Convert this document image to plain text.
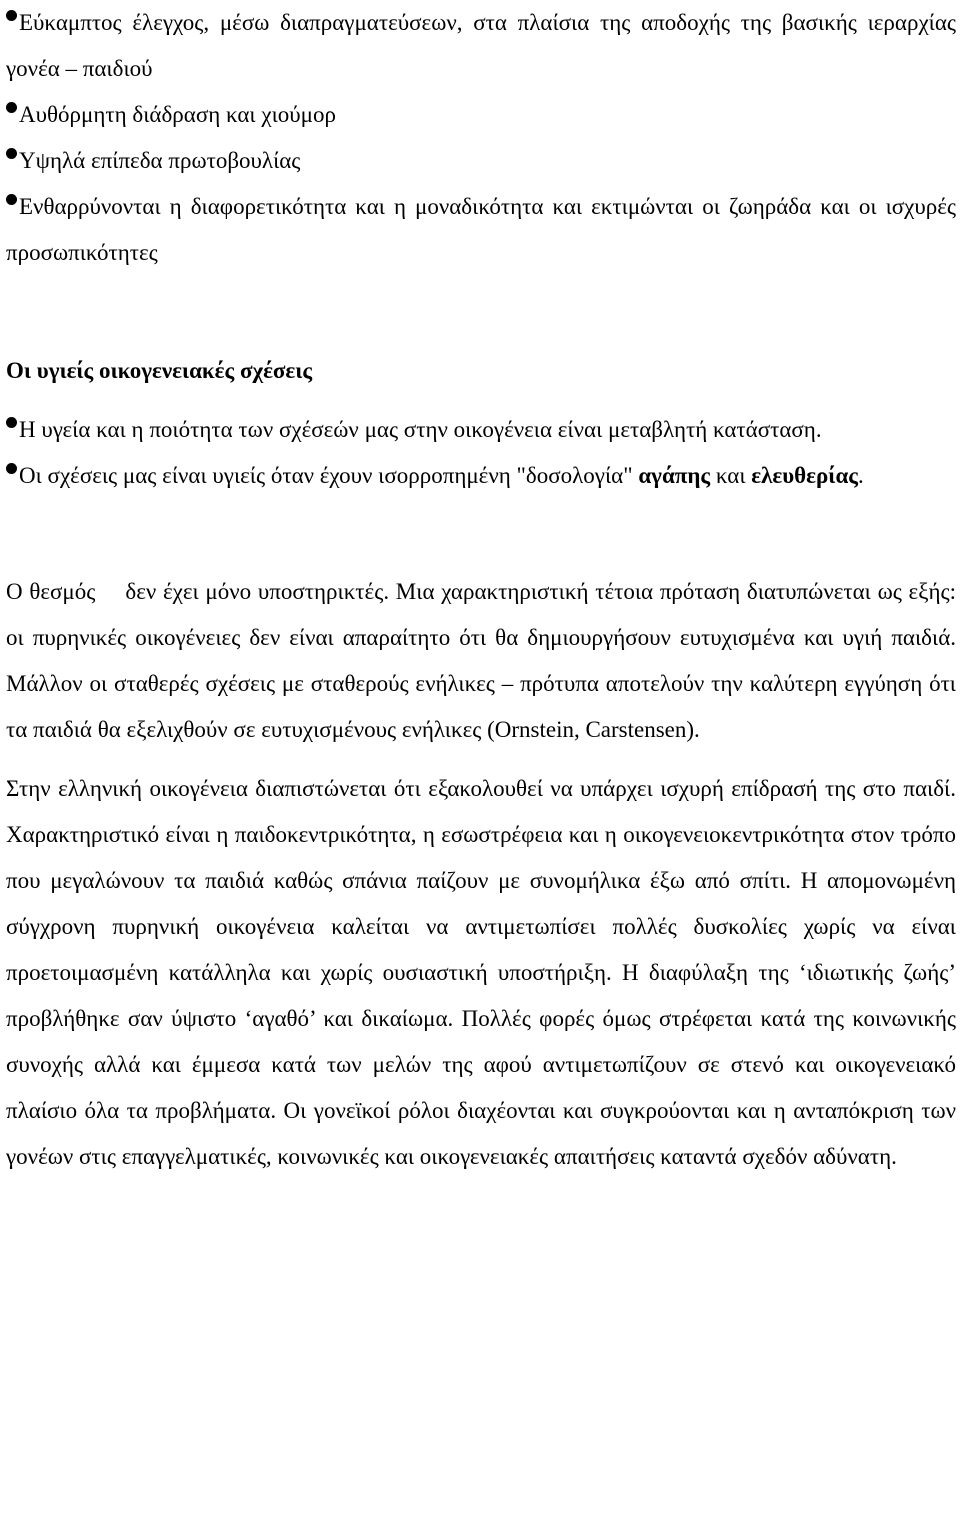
Εύκαμπτος έλεγχος, μέσω διαπραγματεύσεων, στα πλαίσια της αποδοχής της βασικής ιεραρχίας γονέα – παιδιού

Αυθόρμητη διάδραση και χιούμορ

Υψηλά επίπεδα πρωτοβουλίας

Ενθαρρύνονται η διαφορετικότητα και η μοναδικότητα και εκτιμώνται οι ζωηράδα και οι ισχυρές προσωπικότητες

Οι υγιείς οικογενειακές σχέσεις

Η υγεία και η ποιότητα των σχέσεών μας στην οικογένεια είναι μεταβλητή κατάσταση.

Οι σχέσεις μας είναι υγιείς όταν έχουν ισορροπημένη "δοσολογία" αγάπης και ελευθερίας.

Ο θεσμός δεν έχει μόνο υποστηρικτές. Μια χαρακτηριστική τέτοια πρόταση διατυπώνεται ως εξής: οι πυρηνικές οικογένειες δεν είναι απαραίτητο ότι θα δημιουργήσουν ευτυχισμένα και υγιή παιδιά. Μάλλον οι σταθερές σχέσεις με σταθερούς ενήλικες – πρότυπα αποτελούν την καλύτερη εγγύηση ότι τα παιδιά θα εξελιχθούν σε ευτυχισμένους ενήλικες (Ornstein, Carstensen).

Στην ελληνική οικογένεια διαπιστώνεται ότι εξακολουθεί να υπάρχει ισχυρή επίδρασή της στο παιδί. Χαρακτηριστικό είναι η παιδοκεντρικότητα, η εσωστρέφεια και η οικογενειοκεντρικότητα στον τρόπο που μεγαλώνουν τα παιδιά καθώς σπάνια παίζουν με συνομήλικα έξω από σπίτι. Η απομονωμένη σύγχρονη πυρηνική οικογένεια καλείται να αντιμετωπίσει πολλές δυσκολίες χωρίς να είναι προετοιμασμένη κατάλληλα και χωρίς ουσιαστική υποστήριξη. Η διαφύλαξη της ‘ιδιωτικής ζωής’ προβλήθηκε σαν ύψιστο ‘αγαθό’ και δικαίωμα. Πολλές φορές όμως στρέφεται κατά της κοινωνικής συνοχής αλλά και έμμεσα κατά των μελών της αφού αντιμετωπίζουν σε στενό και οικογενειακό πλαίσιο όλα τα προβλήματα. Οι γονεϊκοί ρόλοι διαχέονται και συγκρούονται και η ανταπόκριση των γονέων στις επαγγελματικές, κοινωνικές και οικογενειακές απαιτήσεις καταντά σχεδόν αδύνατη.
